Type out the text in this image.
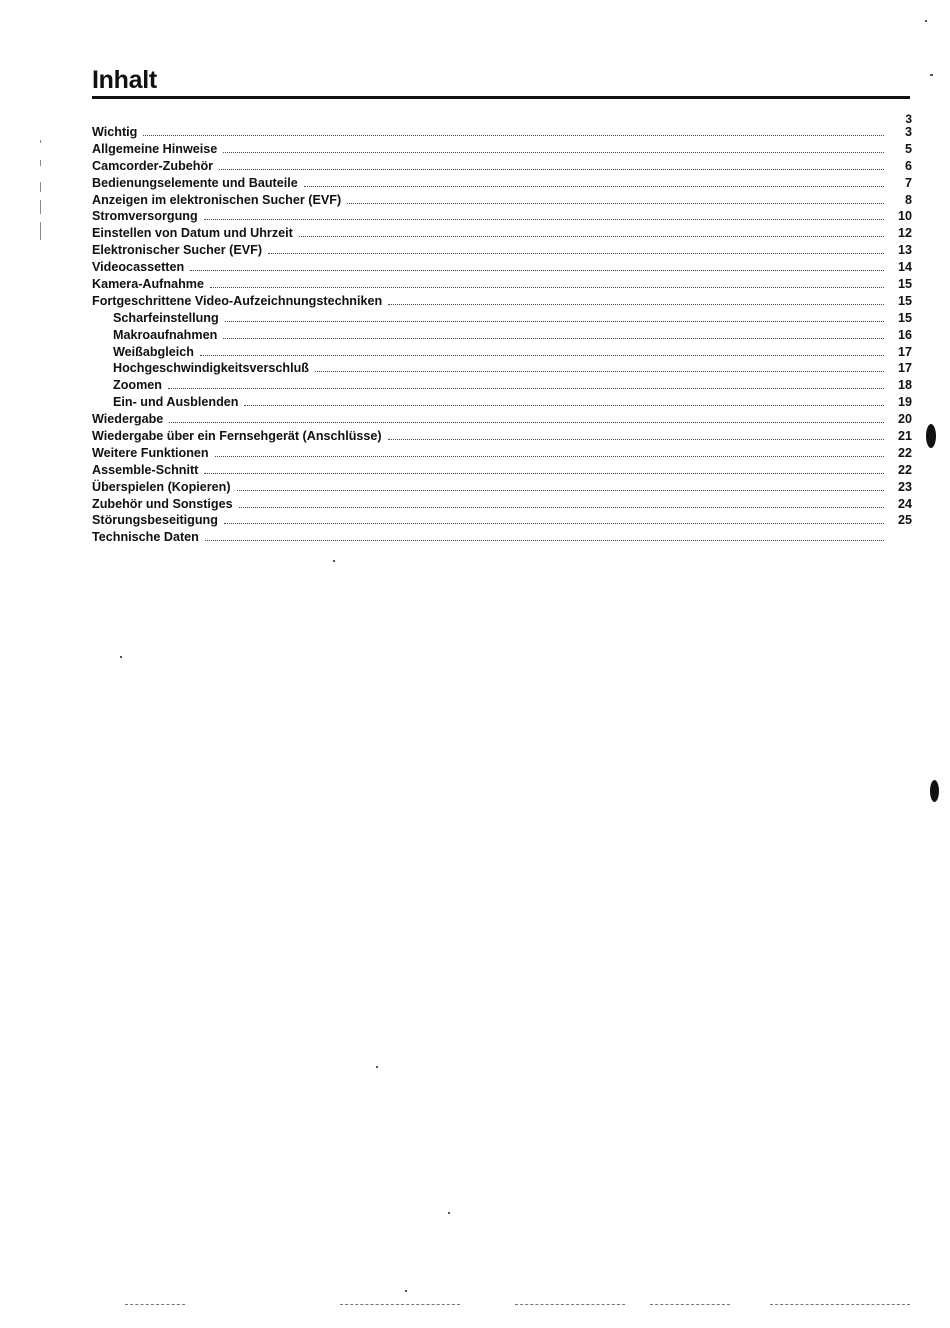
Inhalt
3
Wichtig	3
Allgemeine Hinweise	5
Camcorder-Zubehör	6
Bedienungselemente und Bauteile	7
Anzeigen im elektronischen Sucher (EVF)	8
Stromversorgung	10
Einstellen von Datum und Uhrzeit	12
Elektronischer Sucher (EVF)	13
Videocassetten	14
Kamera-Aufnahme	15
Fortgeschrittene Video-Aufzeichnungstechniken	15
Scharfeinstellung	15
Makroaufnahmen	16
Weißabgleich	17
Hochgeschwindigkeitsverschluß	17
Zoomen	18
Ein- und Ausblenden	19
Wiedergabe	20
Wiedergabe über ein Fernsehgerät (Anschlüsse)	21
Weitere Funktionen	22
Assemble-Schnitt	22
Überspielen (Kopieren)	23
Zubehör und Sonstiges	24
Störungsbeseitigung	25
Technische Daten
